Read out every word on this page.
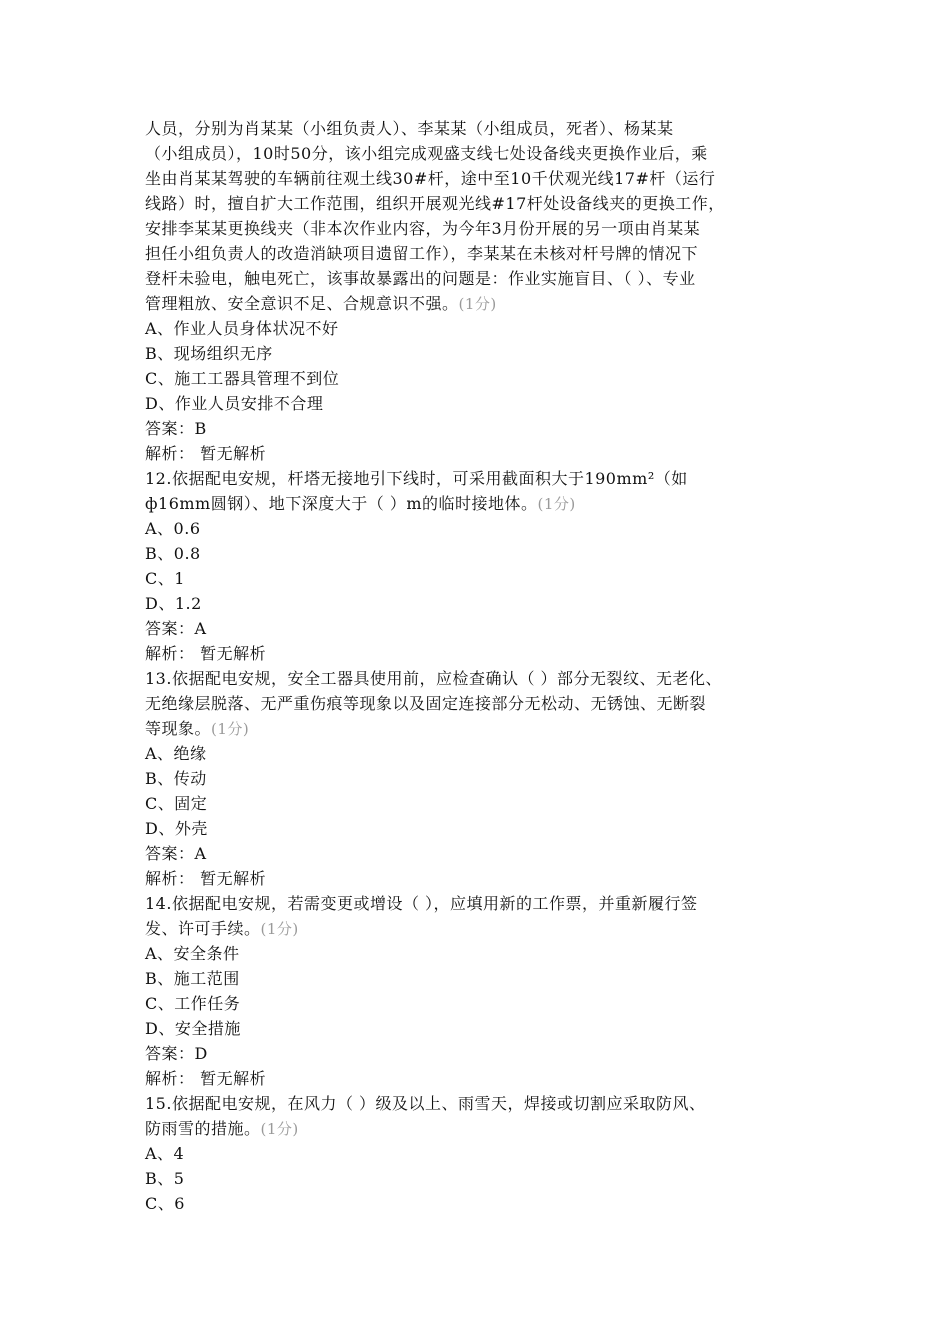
人员，分别为肖某某（小组负责人）、李某某（小组成员，死者）、杨某某
（小组成员），10时50分，该小组完成观盛支线七处设备线夹更换作业后，乘
坐由肖某某驾驶的车辆前往观土线30#杆，途中至10千伏观光线17#杆（运行
线路）时，擅自扩大工作范围，组织开展观光线#17杆处设备线夹的更换工作，
安排李某某更换线夹（非本次作业内容，为今年3月份开展的另一项由肖某某
担任小组负责人的改造消缺项目遗留工作），李某某在未核对杆号牌的情况下
登杆未验电，触电死亡，该事故暴露出的问题是：作业实施盲目、（ ）、专业
管理粗放、安全意识不足、合规意识不强。(1分)
A、作业人员身体状况不好
B、现场组织无序
C、施工工器具管理不到位
D、作业人员安排不合理
答案：B
解析： 暂无解析
12.依据配电安规，杆塔无接地引下线时，可采用截面积大于190mm²（如
ф16mm圆钢）、地下深度大于（ ）m的临时接地体。(1分)
A、0.6
B、0.8
C、1
D、1.2
答案：A
解析： 暂无解析
13.依据配电安规，安全工器具使用前，应检查确认（ ）部分无裂纹、无老化、
无绝缘层脱落、无严重伤痕等现象以及固定连接部分无松动、无锈蚀、无断裂
等现象。(1分)
A、绝缘
B、传动
C、固定
D、外壳
答案：A
解析： 暂无解析
14.依据配电安规，若需变更或增设（ ），应填用新的工作票，并重新履行签
发、许可手续。(1分)
A、安全条件
B、施工范围
C、工作任务
D、安全措施
答案：D
解析： 暂无解析
15.依据配电安规，在风力（ ）级及以上、雨雪天，焊接或切割应采取防风、
防雨雪的措施。(1分)
A、4
B、5
C、6
